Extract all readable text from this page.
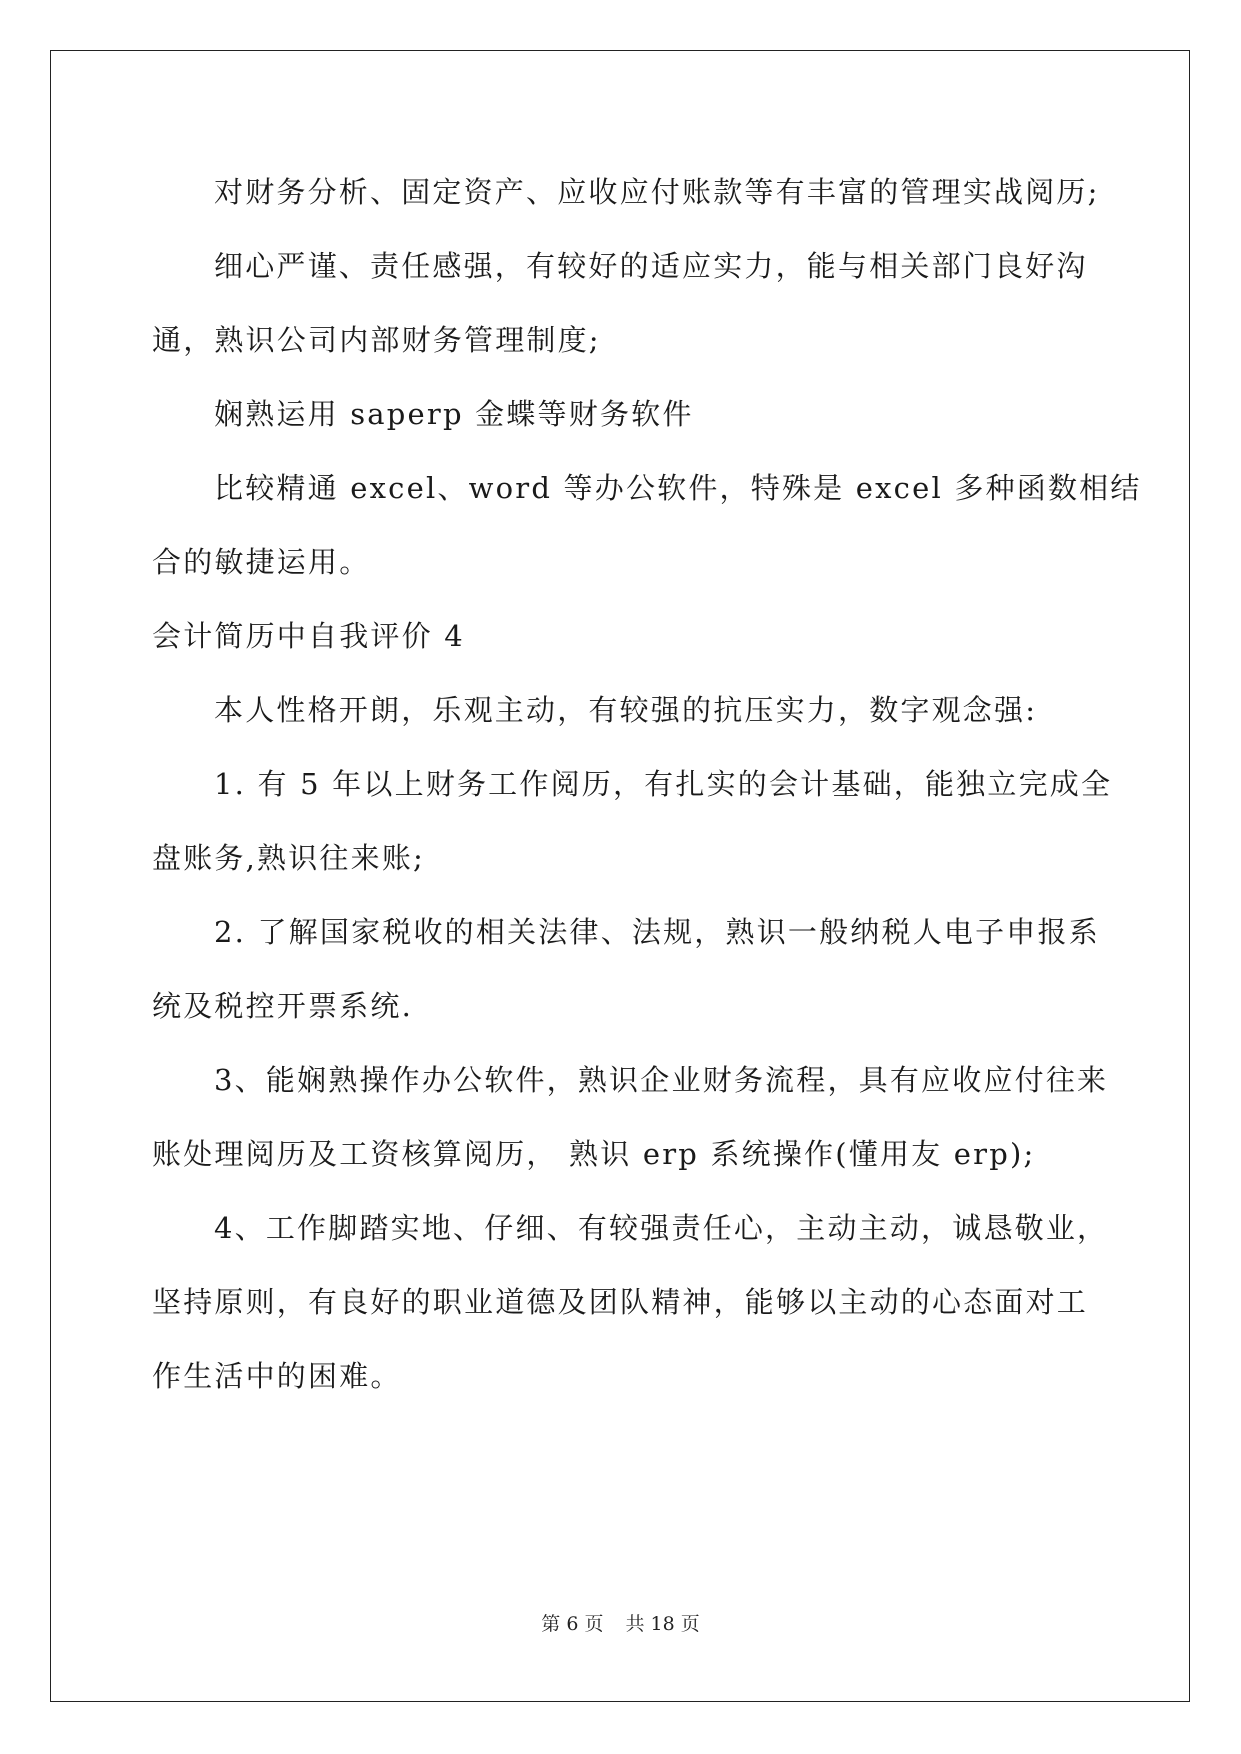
对财务分析、固定资产、应收应付账款等有丰富的管理实战阅历;
细心严谨、责任感强，有较好的适应实力，能与相关部门良好沟
通，熟识公司内部财务管理制度;
娴熟运用 saperp 金蝶等财务软件
比较精通 excel、word 等办公软件，特殊是 excel 多种函数相结
合的敏捷运用。
会计简历中自我评价 4
本人性格开朗，乐观主动，有较强的抗压实力，数字观念强:
1. 有 5 年以上财务工作阅历，有扎实的会计基础，能独立完成全
盘账务,熟识往来账;
2. 了解国家税收的相关法律、法规，熟识一般纳税人电子申报系
统及税控开票系统.
3、能娴熟操作办公软件，熟识企业财务流程，具有应收应付往来
账处理阅历及工资核算阅历， 熟识 erp 系统操作(懂用友 erp);
4、工作脚踏实地、仔细、有较强责任心，主动主动，诚恳敬业，
坚持原则，有良好的职业道德及团队精神，能够以主动的心态面对工
作生活中的困难。
第 6 页 共 18 页
